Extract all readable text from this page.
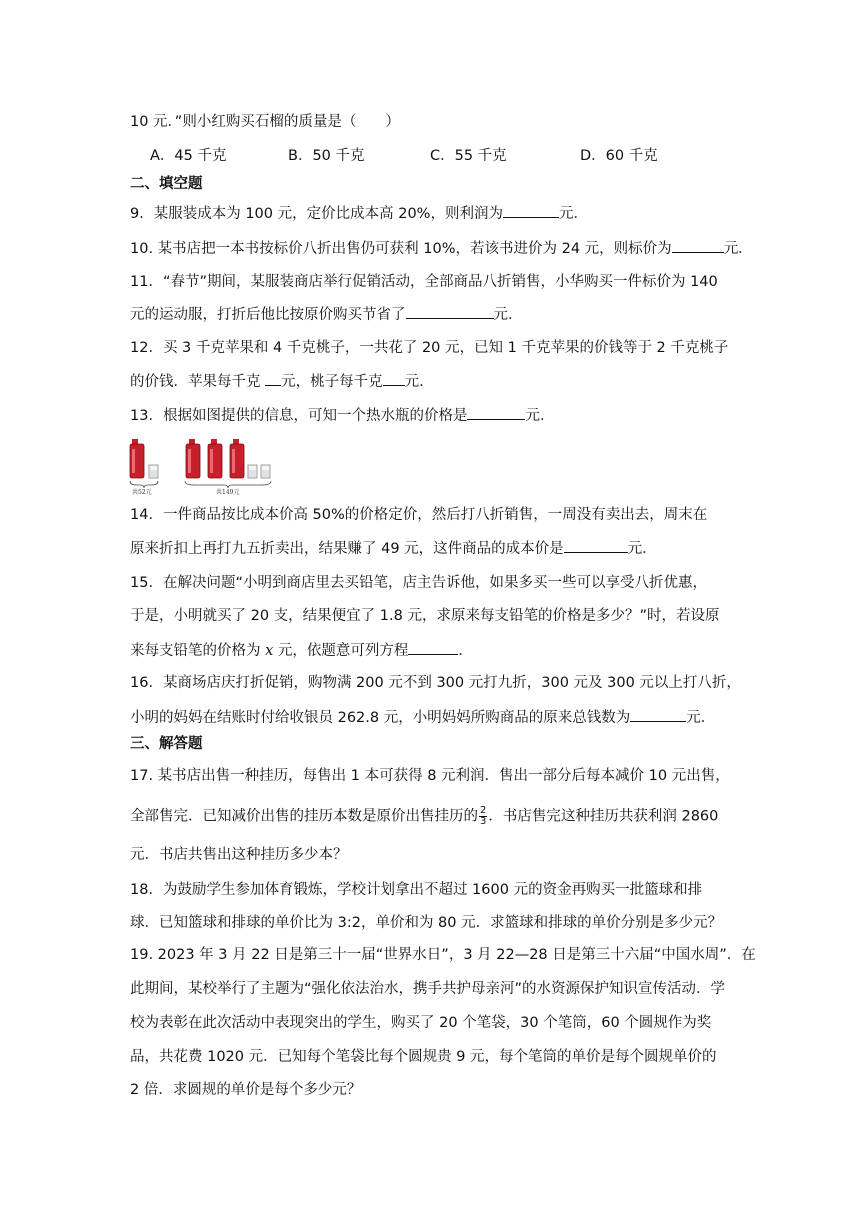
10 元．”则小红购买石榴的质量是（　　）
A．45 千克	B．50 千克	C．55 千克	D．60 千克
二、填空题
9．某服装成本为 100 元，定价比成本高 20%，则利润为	元．
10. 某书店把一本书按标价八折出售仍可获利 10%，若该书进价为 24 元，则标价为	元．
11．“春节”期间，某服装商店举行促销活动，全部商品八折销售，小华购买一件标价为 140
元的运动服，打折后他比按原价购买节省了	元．
12．买 3 千克苹果和 4 千克桃子，一共花了 20 元，已知 1 千克苹果的价钱等于 2 千克桃子
的价钱．苹果每千克 元，桃子每千克 元．
13．根据如图提供的信息，可知一个热水瓶的价格是	元．
共52元	共149元
14．一件商品按比成本价高 50%的价格定价，然后打八折销售，一周没有卖出去，周末在
原来折扣上再打九五折卖出，结果赚了 49 元，这件商品的成本价是	元．
15．在解决问题“小明到商店里去买铅笔，店主告诉他，如果多买一些可以享受八折优惠，
于是，小明就买了 20 支，结果便宜了 1.8 元，求原来每支铅笔的价格是多少？”时，若设原
来每支铅笔的价格为 x 元，依题意可列方程	．
16．某商场店庆打折促销，购物满 200 元不到 300 元打九折，300 元及 300 元以上打八折，
小明的妈妈在结账时付给收银员 262.8 元，小明妈妈所购商品的原来总钱数为	元．
三、解答题
17. 某书店出售一种挂历，每售出 1 本可获得 8 元利润．售出一部分后每本减价 10 元出售，
全部售完．已知减价出售的挂历本数是原价出售挂历的 $\frac{2}{3}$ ．书店售完这种挂历共获利润 2860
元．书店共售出这种挂历多少本？
18．为鼓励学生参加体育锻炼，学校计划拿出不超过 1600 元的资金再购买一批篮球和排
球．已知篮球和排球的单价比为 3:2，单价和为 80 元．求篮球和排球的单价分别是多少元？
19. 2023 年 3 月 22 日是第三十一届“世界水日”，3 月 22—28 日是第三十六届“中国水周”．在
此期间，某校举行了主题为“强化依法治水，携手共护母亲河”的水资源保护知识宣传活动．学
校为表彰在此次活动中表现突出的学生，购买了 20 个笔袋，30 个笔筒，60 个圆规作为奖
品，共花费 1020 元．已知每个笔袋比每个圆规贵 9 元，每个笔筒的单价是每个圆规单价的
2 倍．求圆规的单价是每个多少元？
